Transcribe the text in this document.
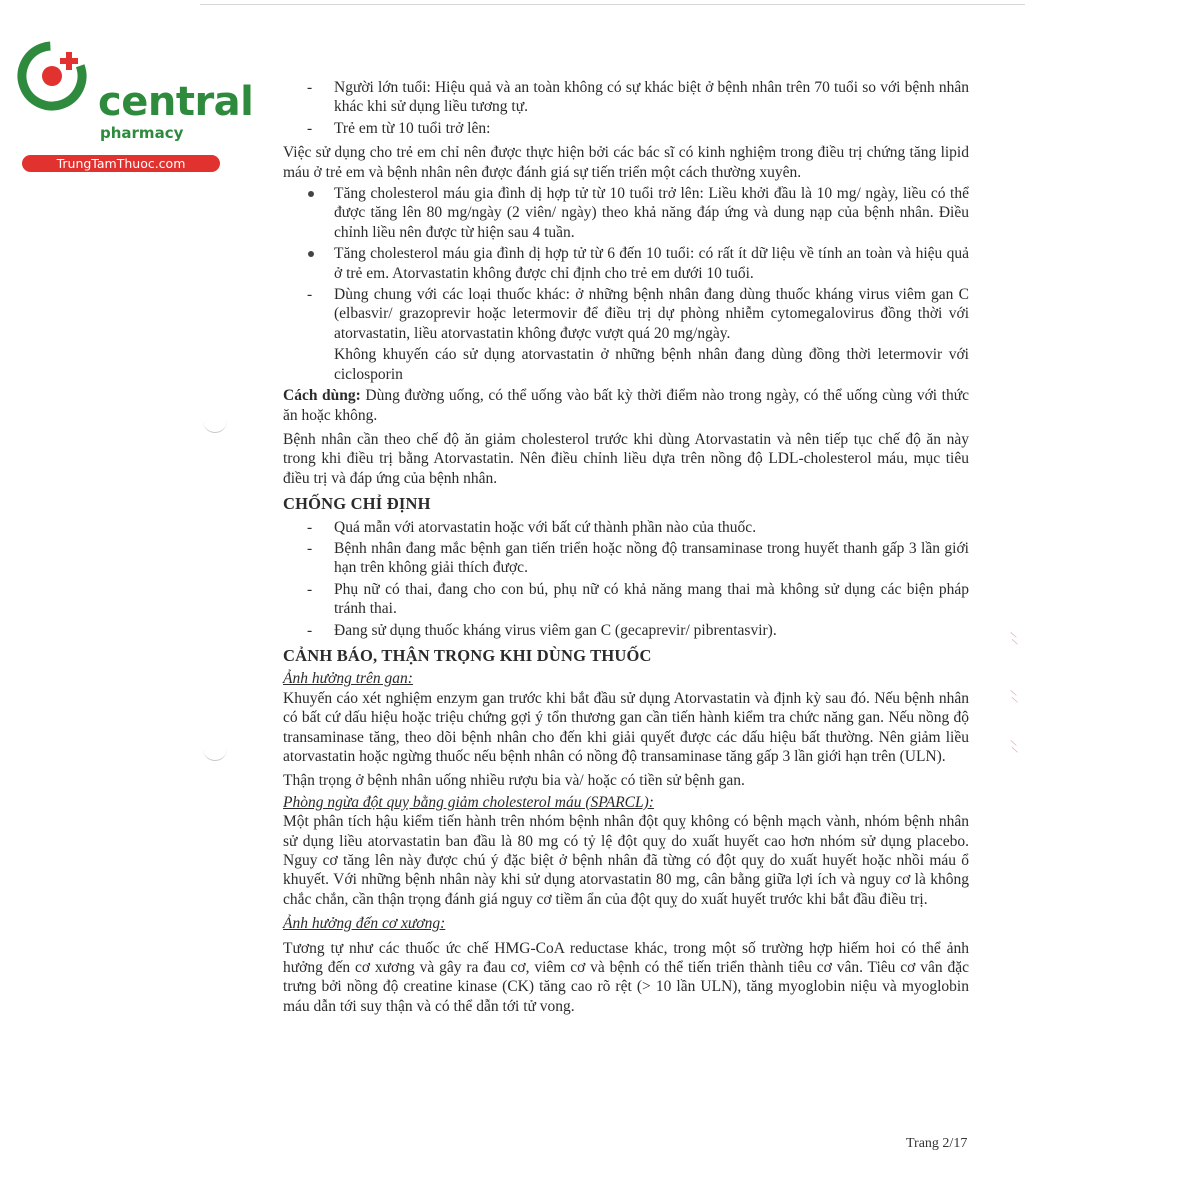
central
pharmacy
TrungTamThuoc.com
⸝⸝
⸝⸝
⸝⸝

- Người lớn tuổi: Hiệu quả và an toàn không có sự khác biệt ở bệnh nhân trên 70 tuổi so với bệnh nhân khác khi sử dụng liều tương tự.

- Trẻ em từ 10 tuổi trở lên:

Việc sử dụng cho trẻ em chỉ nên được thực hiện bởi các bác sĩ có kinh nghiệm trong điều trị chứng tăng lipid máu ở trẻ em và bệnh nhân nên được đánh giá sự tiến triển một cách thường xuyên.

Tăng cholesterol máu gia đình dị hợp tử từ 10 tuổi trở lên: Liều khởi đầu là 10 mg/ ngày, liều có thể được tăng lên 80 mg/ngày (2 viên/ ngày) theo khả năng đáp ứng và dung nạp của bệnh nhân. Điều chỉnh liều nên được từ hiện sau 4 tuần.

Tăng cholesterol máu gia đình dị hợp tử từ 6 đến 10 tuổi: có rất ít dữ liệu về tính an toàn và hiệu quả ở trẻ em. Atorvastatin không được chỉ định cho trẻ em dưới 10 tuổi.

- Dùng chung với các loại thuốc khác: ở những bệnh nhân đang dùng thuốc kháng virus viêm gan C (elbasvir/ grazoprevir hoặc letermovir để điều trị dự phòng nhiễm cytomegalovirus đồng thời với atorvastatin, liều atorvastatin không được vượt quá 20 mg/ngày.

Không khuyến cáo sử dụng atorvastatin ở những bệnh nhân đang dùng đồng thời letermovir với ciclosporin

Cách dùng: Dùng đường uống, có thể uống vào bất kỳ thời điểm nào trong ngày, có thể uống cùng với thức ăn hoặc không.

Bệnh nhân cần theo chế độ ăn giảm cholesterol trước khi dùng Atorvastatin và nên tiếp tục chế độ ăn này trong khi điều trị bằng Atorvastatin. Nên điều chỉnh liều dựa trên nồng độ LDL-cholesterol máu, mục tiêu điều trị và đáp ứng của bệnh nhân.

CHỐNG CHỈ ĐỊNH

- Quá mẫn với atorvastatin hoặc với bất cứ thành phần nào của thuốc.

- Bệnh nhân đang mắc bệnh gan tiến triển hoặc nồng độ transaminase trong huyết thanh gấp 3 lần giới hạn trên không giải thích được.

- Phụ nữ có thai, đang cho con bú, phụ nữ có khả năng mang thai mà không sử dụng các biện pháp tránh thai.

- Đang sử dụng thuốc kháng virus viêm gan C (gecaprevir/ pibrentasvir).

CẢNH BÁO, THẬN TRỌNG KHI DÙNG THUỐC

Ảnh hưởng trên gan:

Khuyến cáo xét nghiệm enzym gan trước khi bắt đầu sử dụng Atorvastatin và định kỳ sau đó. Nếu bệnh nhân có bất cứ dấu hiệu hoặc triệu chứng gợi ý tổn thương gan cần tiến hành kiểm tra chức năng gan. Nếu nồng độ transaminase tăng, theo dõi bệnh nhân cho đến khi giải quyết được các dấu hiệu bất thường. Nên giảm liều atorvastatin hoặc ngừng thuốc nếu bệnh nhân có nồng độ transaminase tăng gấp 3 lần giới hạn trên (ULN).

Thận trọng ở bệnh nhân uống nhiều rượu bia và/ hoặc có tiền sử bệnh gan.

Phòng ngừa đột quỵ bằng giảm cholesterol máu (SPARCL):

Một phân tích hậu kiểm tiến hành trên nhóm bệnh nhân đột quỵ không có bệnh mạch vành, nhóm bệnh nhân sử dụng liều atorvastatin ban đầu là 80 mg có tỷ lệ đột quỵ do xuất huyết cao hơn nhóm sử dụng placebo. Nguy cơ tăng lên này được chú ý đặc biệt ở bệnh nhân đã từng có đột quỵ do xuất huyết hoặc nhồi máu ổ khuyết. Với những bệnh nhân này khi sử dụng atorvastatin 80 mg, cân bằng giữa lợi ích và nguy cơ là không chắc chắn, cần thận trọng đánh giá nguy cơ tiềm ẩn của đột quỵ do xuất huyết trước khi bắt đầu điều trị.

Ảnh hưởng đến cơ xương:

Tương tự như các thuốc ức chế HMG-CoA reductase khác, trong một số trường hợp hiếm hoi có thể ảnh hưởng đến cơ xương và gây ra đau cơ, viêm cơ và bệnh có thể tiến triển thành tiêu cơ vân. Tiêu cơ vân đặc trưng bởi nồng độ creatine kinase (CK) tăng cao rõ rệt (> 10 lần ULN), tăng myoglobin niệu và myoglobin máu dẫn tới suy thận và có thể dẫn tới tử vong.

Trang 2/17
